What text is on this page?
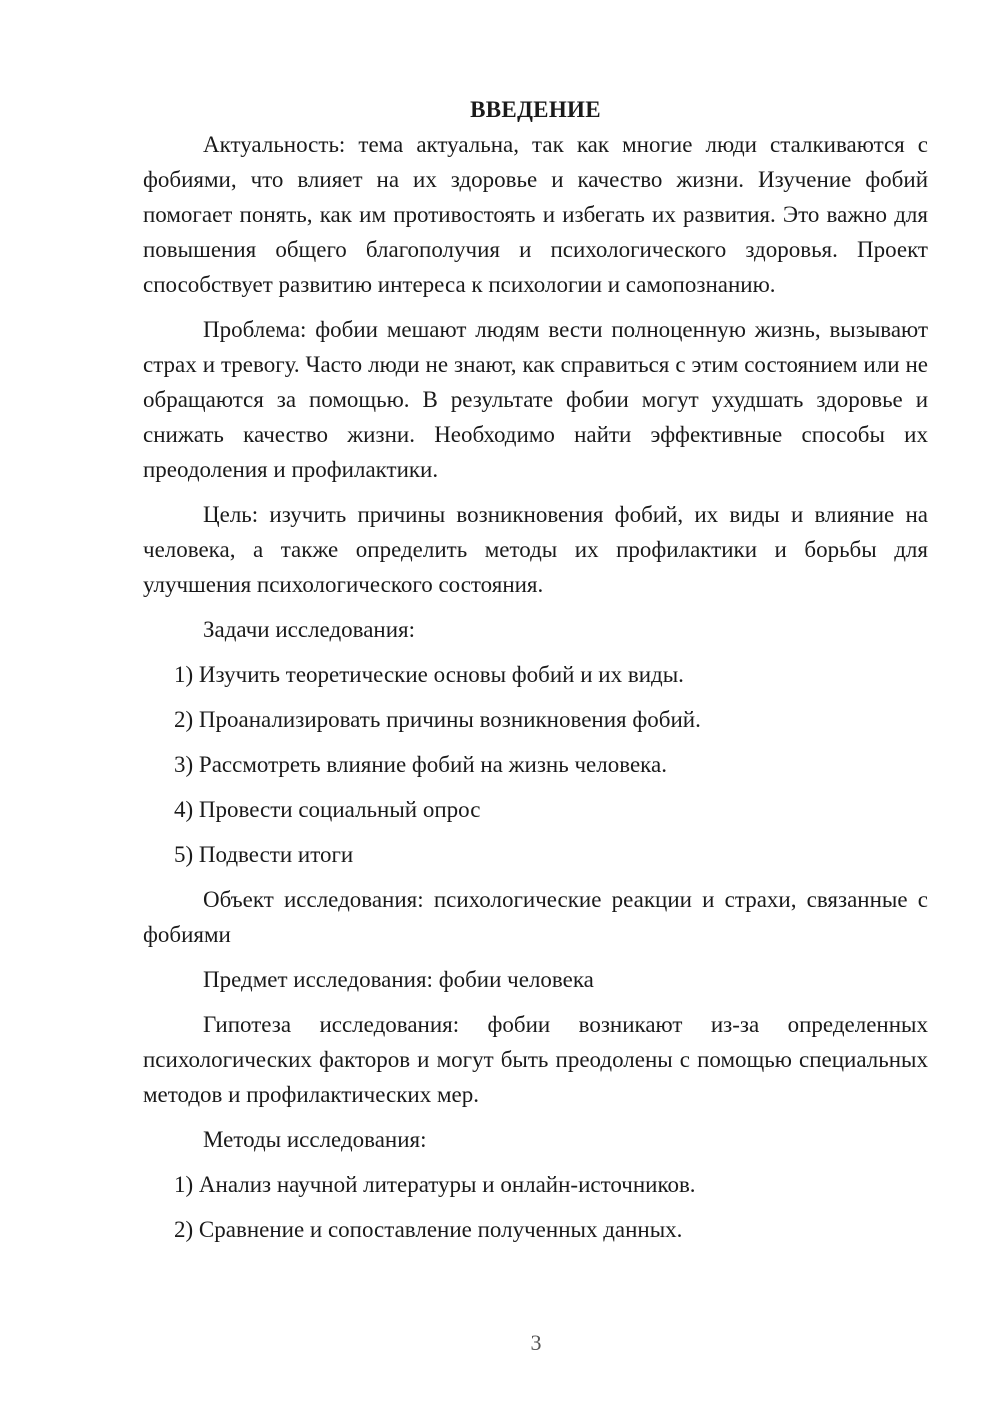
ВВЕДЕНИЕ

Актуальность: тема актуальна, так как многие люди сталкиваются с фобиями, что влияет на их здоровье и качество жизни. Изучение фобий помогает понять, как им противостоять и избегать их развития. Это важно для повышения общего благополучия и психологического здоровья. Проект способствует развитию интереса к психологии и самопознанию.

Проблема: фобии мешают людям вести полноценную жизнь, вызывают страх и тревогу. Часто люди не знают, как справиться с этим состоянием или не обращаются за помощью. В результате фобии могут ухудшать здоровье и снижать качество жизни. Необходимо найти эффективные способы их преодоления и профилактики.

Цель: изучить причины возникновения фобий, их виды и влияние на человека, а также определить методы их профилактики и борьбы для улучшения психологического состояния.

Задачи исследования:

1) Изучить теоретические основы фобий и их виды.

2) Проанализировать причины возникновения фобий.

3) Рассмотреть влияние фобий на жизнь человека.

4) Провести социальный опрос

5) Подвести итоги

Объект исследования: психологические реакции и страхи, связанные с фобиями

Предмет исследования: фобии человека

Гипотеза исследования: фобии возникают из-за определенных психологических факторов и могут быть преодолены с помощью специальных методов и профилактических мер.

Методы исследования:

1) Анализ научной литературы и онлайн-источников.

2) Сравнение и сопоставление полученных данных.

3
